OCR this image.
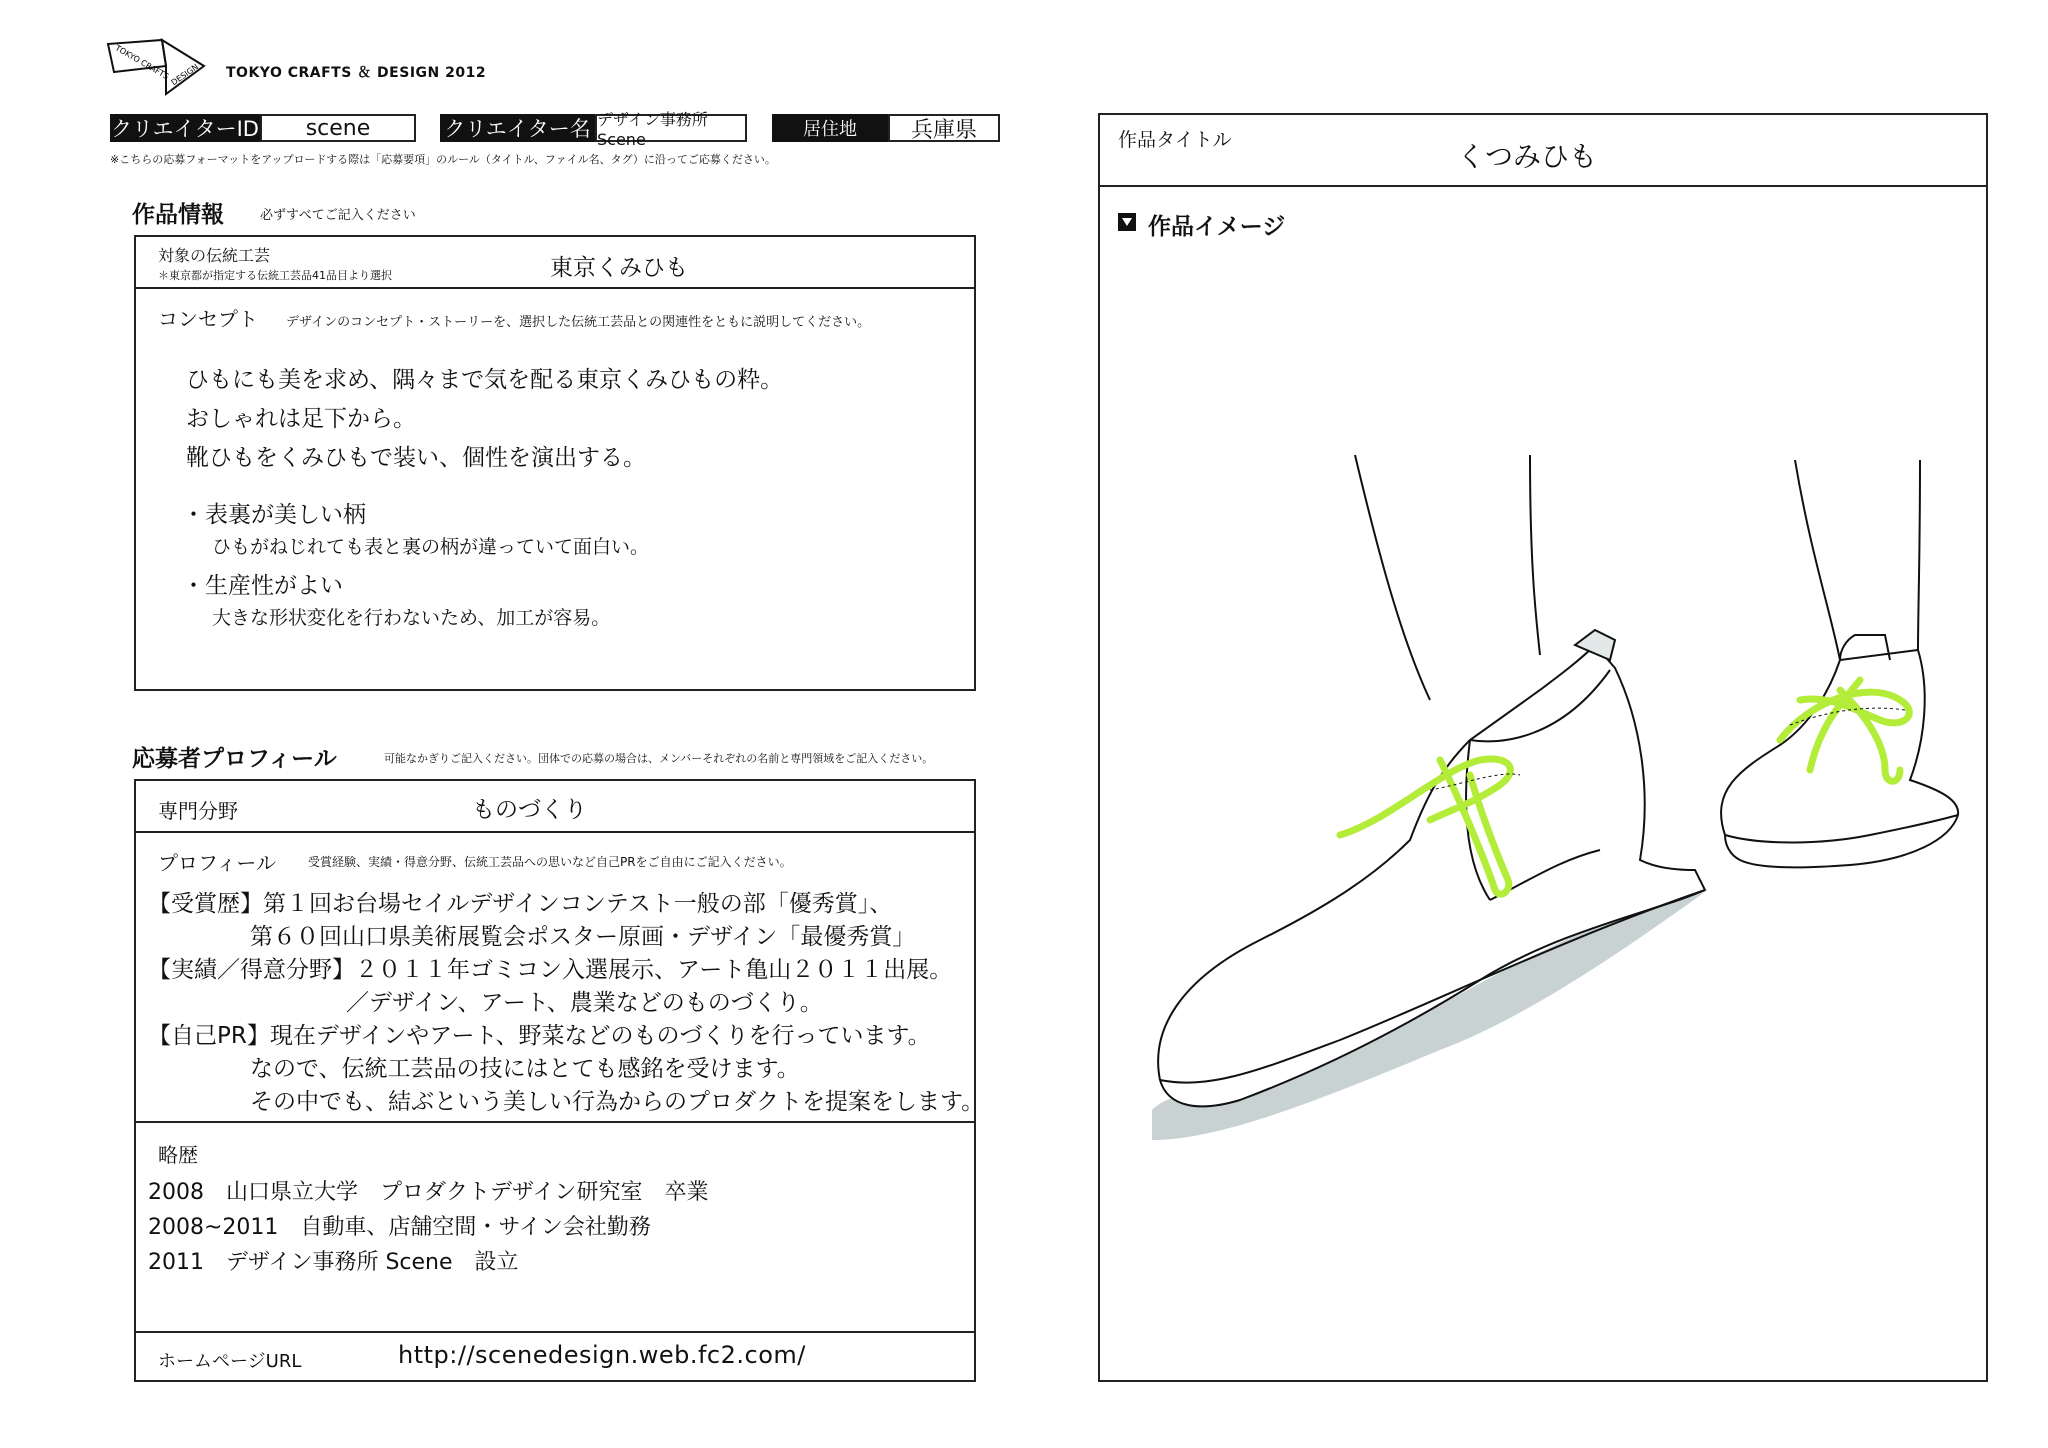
TOKYO CRAFTS DESIGN TOKYO CRAFTS ＆ DESIGN 2012
クリエイターID	scene	クリエイター名 デザイン事務所Scene	居住地	兵庫県
※こちらの応募フォーマットをアップロードする際は「応募要項」のルール（タイトル、ファイル名、タグ）に沿ってご応募ください。
作品情報	必ずすべてご記入ください
対象の伝統工芸
＊東京都が指定する伝統工芸品41品目より選択	東京くみひも
コンセプト デザインのコンセプト・ストーリーを、選択した伝統工芸品との関連性をともに説明してください。
ひもにも美を求め、隅々まで気を配る東京くみひもの粋。
おしゃれは足下から。
靴ひもをくみひもで装い、個性を演出する。
・表裏が美しい柄
ひもがねじれても表と裏の柄が違っていて面白い。
・生産性がよい
大きな形状変化を行わないため、加工が容易。
応募者プロフィール	可能なかぎりご記入ください。団体での応募の場合は、メンバーそれぞれの名前と専門領域をご記入ください。
専門分野	ものづくり
プロフィール	受賞経験、実績・得意分野、伝統工芸品への思いなど自己PRをご自由にご記入ください。
【受賞歴】第１回お台場セイルデザインコンテスト一般の部「優秀賞」、
第６０回山口県美術展覧会ポスター原画・デザイン「最優秀賞」
【実績／得意分野】２０１１年ゴミコン入選展示、アート亀山２０１１出展。
／デザイン、アート、農業などのものづくり。
【自己PR】現在デザインやアート、野菜などのものづくりを行っています。
なので、伝統工芸品の技にはとても感銘を受けます。
その中でも、結ぶという美しい行為からのプロダクトを提案をします。
略歴
2008　山口県立大学　プロダクトデザイン研究室　卒業
2008~2011　自動車、店舗空間・サイン会社勤務
2011　デザイン事務所 Scene　設立
ホームページURL	http://scenedesign.web.fc2.com/
作品タイトル	くつみひも
作品イメージ
